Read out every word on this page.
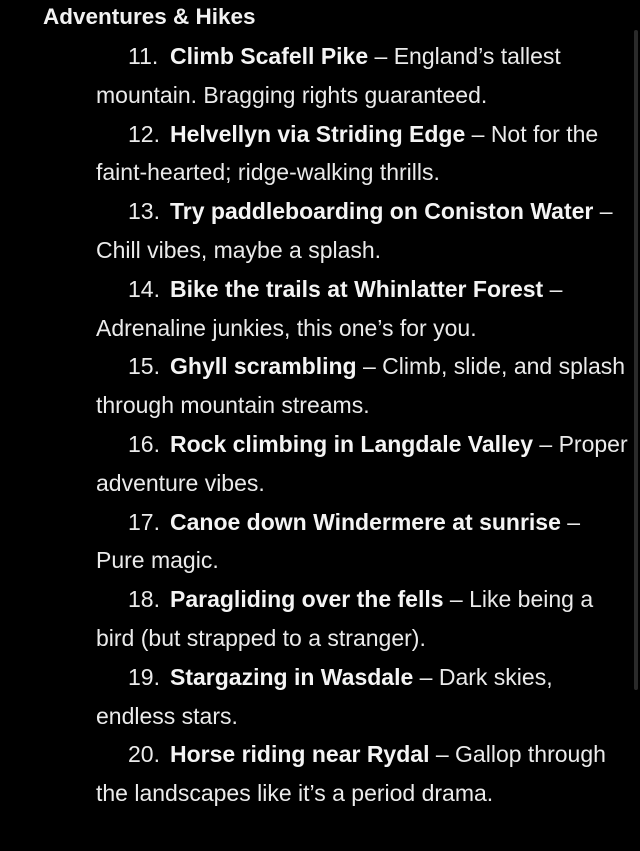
Adventures & Hikes
11. Climb Scafell Pike – England’s tallest mountain. Bragging rights guaranteed.
12. Helvellyn via Striding Edge – Not for the faint-hearted; ridge-walking thrills.
13. Try paddleboarding on Coniston Water – Chill vibes, maybe a splash.
14. Bike the trails at Whinlatter Forest – Adrenaline junkies, this one’s for you.
15. Ghyll scrambling – Climb, slide, and splash through mountain streams.
16. Rock climbing in Langdale Valley – Proper adventure vibes.
17. Canoe down Windermere at sunrise – Pure magic.
18. Paragliding over the fells – Like being a bird (but strapped to a stranger).
19. Stargazing in Wasdale – Dark skies, endless stars.
20. Horse riding near Rydal – Gallop through the landscapes like it’s a period drama.
